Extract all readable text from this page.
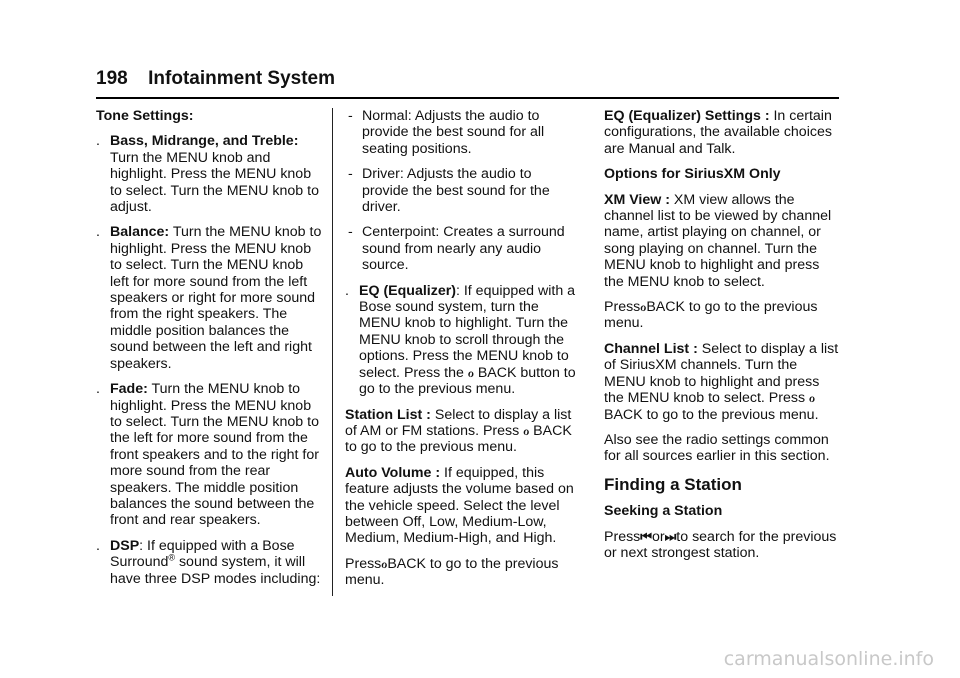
198 Infotainment System

Tone Settings:

. Bass, Midrange, and Treble:
Turn the MENU knob and highlight. Press the MENU knob to select. Turn the MENU knob to adjust.
. Balance: Turn the MENU knob to highlight. Press the MENU knob to select. Turn the MENU knob left for more sound from the left speakers or right for more sound from the right speakers. The middle position balances the sound between the left and right speakers.
. Fade: Turn the MENU knob to highlight. Press the MENU knob to select. Turn the MENU knob to the left for more sound from the front speakers and to the right for more sound from the rear speakers. The middle position balances the sound between the front and rear speakers.
. DSP: If equipped with a Bose Surround® sound system, it will have three DSP modes including:
- Normal: Adjusts the audio to provide the best sound for all seating positions.
- Driver: Adjusts the audio to provide the best sound for the driver.
- Centerpoint: Creates a surround sound from nearly any audio source.
. EQ (Equalizer): If equipped with a Bose sound system, turn the MENU knob to highlight. Turn the MENU knob to scroll through the options. Press the MENU knob to select. Press the ℴ BACK button to go to the previous menu.

Station List : Select to display a list of AM or FM stations. Press ℴ BACK to go to the previous menu.

Auto Volume : If equipped, this feature adjusts the volume based on the vehicle speed. Select the level between Off, Low, Medium-Low, Medium, Medium-High, and High.

PressℴBACK to go to the previous menu.

EQ (Equalizer) Settings : In certain configurations, the available choices are Manual and Talk.

Options for SiriusXM Only

XM View : XM view allows the channel list to be viewed by channel name, artist playing on channel, or song playing on channel. Turn the MENU knob to highlight and press the MENU knob to select.

PressℴBACK to go to the previous menu.

Channel List : Select to display a list of SiriusXM channels. Turn the MENU knob to highlight and press the MENU knob to select. Press ℴ BACK to go to the previous menu.

Also see the radio settings common for all sources earlier in this section.

Finding a Station

Seeking a Station

Press⏮or⏭to search for the previous or next strongest station.

carmanualsonline.info
